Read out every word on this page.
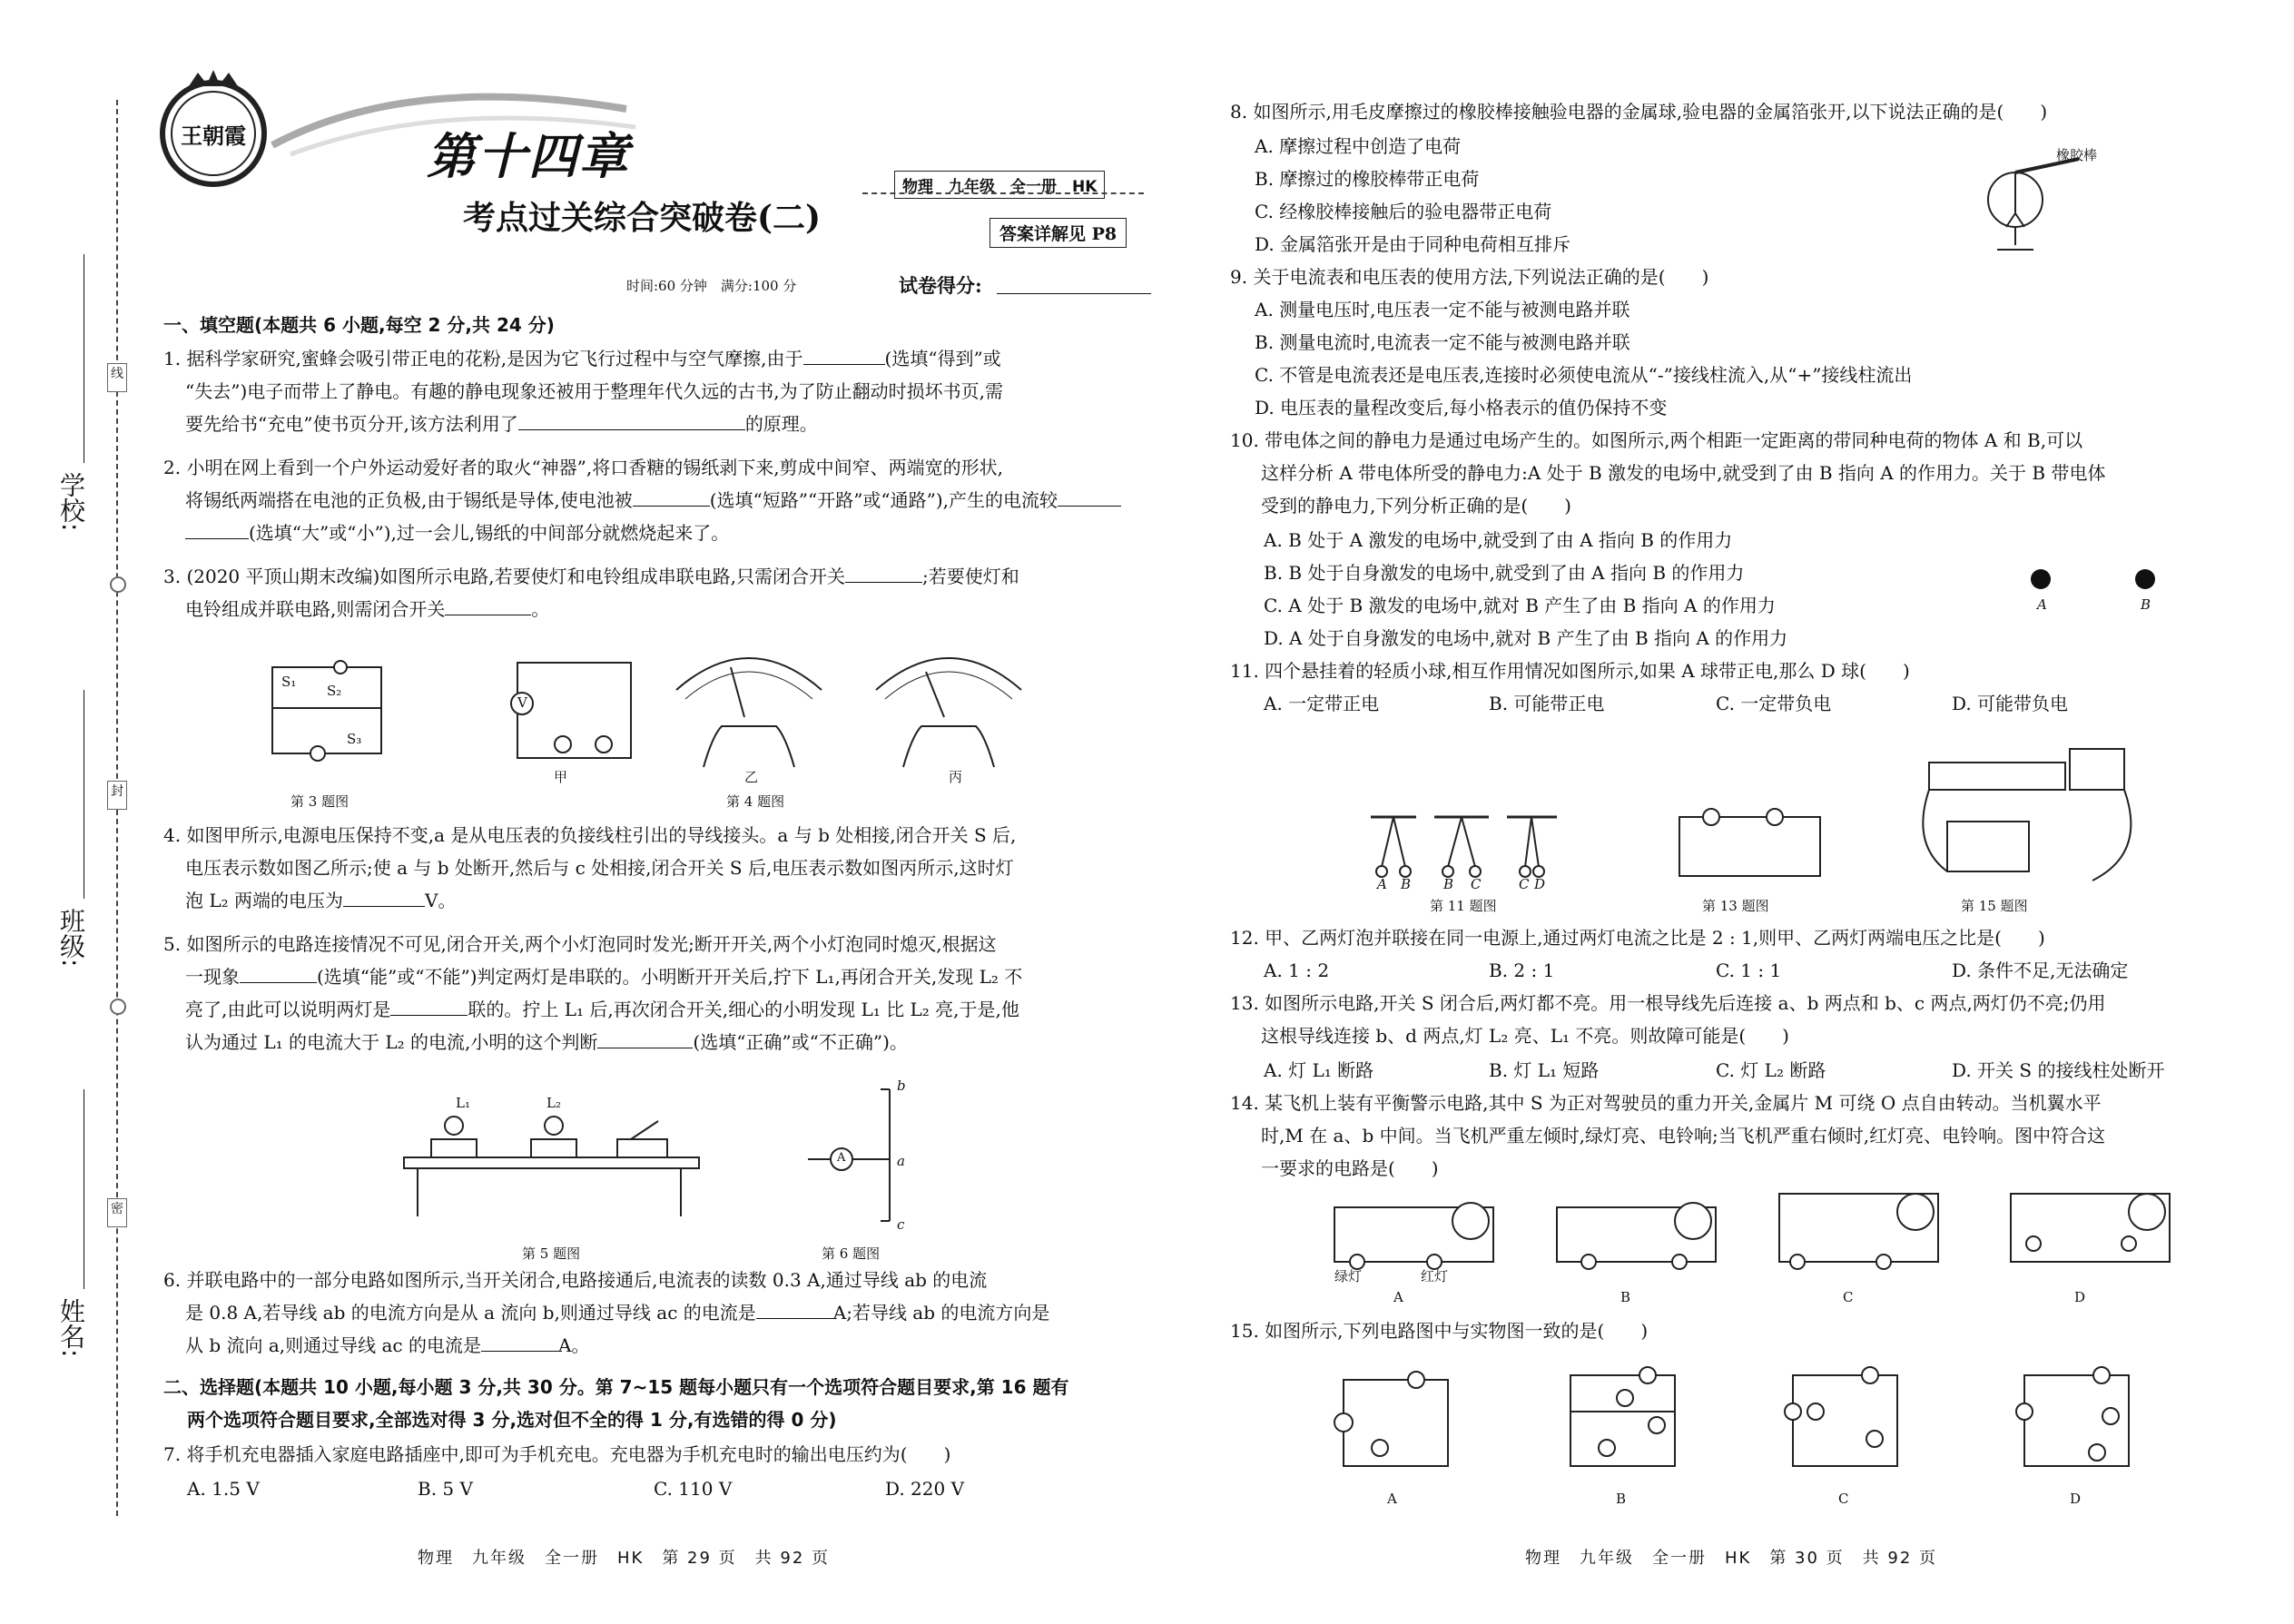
学校:
班级:
姓名:
线
封
密
王朝霞	第十四章
物理　九年级　全一册　HK
考点过关综合突破卷(二)	答案详解见 P8
时间:60 分钟　满分:100 分	试卷得分:
一、填空题(本题共 6 小题,每空 2 分,共 24 分)
1. 据科学家研究,蜜蜂会吸引带正电的花粉,是因为它飞行过程中与空气摩擦,由于	(选填“得到”或
“失去”)电子而带上了静电。有趣的静电现象还被用于整理年代久远的古书,为了防止翻动时损坏书页,需
要先给书“充电”使书页分开,该方法利用了	的原理。
2. 小明在网上看到一个户外运动爱好者的取火“神器”,将口香糖的锡纸剥下来,剪成中间窄、两端宽的形状,
将锡纸两端搭在电池的正负极,由于锡纸是导体,使电池被	(选填“短路”“开路”或“通路”),产生的电流较
(选填“大”或“小”),过一会儿,锡纸的中间部分就燃烧起来了。
3. (2020 平顶山期末改编)如图所示电路,若要使灯和电铃组成串联电路,只需闭合开关	;若要使灯和
电铃组成并联电路,则需闭合开关	。
S₁
S₂
S₃
第 3 题图
V
甲	乙	丙
第 4 题图
4. 如图甲所示,电源电压保持不变,a 是从电压表的负接线柱引出的导线接头。a 与 b 处相接,闭合开关 S 后,
电压表示数如图乙所示;使 a 与 b 处断开,然后与 c 处相接,闭合开关 S 后,电压表示数如图丙所示,这时灯
泡 L₂ 两端的电压为	V。
5. 如图所示的电路连接情况不可见,闭合开关,两个小灯泡同时发光;断开开关,两个小灯泡同时熄灭,根据这
一现象	(选填“能”或“不能”)判定两灯是串联的。小明断开开关后,拧下 L₁,再闭合开关,发现 L₂ 不
亮了,由此可以说明两灯是	联的。拧上 L₁ 后,再次闭合开关,细心的小明发现 L₁ 比 L₂ 亮,于是,他
认为通过 L₁ 的电流大于 L₂ 的电流,小明的这个判断	(选填“正确”或“不正确”)。
L₁	L₂
第 5 题图
A
b
a
c
第 6 题图
6. 并联电路中的一部分电路如图所示,当开关闭合,电路接通后,电流表的读数 0.3 A,通过导线 ab 的电流
是 0.8 A,若导线 ab 的电流方向是从 a 流向 b,则通过导线 ac 的电流是	A;若导线 ab 的电流方向是
从 b 流向 a,则通过导线 ac 的电流是	A。
二、选择题(本题共 10 小题,每小题 3 分,共 30 分。第 7~15 题每小题只有一个选项符合题目要求,第 16 题有
两个选项符合题目要求,全部选对得 3 分,选对但不全的得 1 分,有选错的得 0 分)
7. 将手机充电器插入家庭电路插座中,即可为手机充电。充电器为手机充电时的输出电压约为(　　)
A. 1.5 V	B. 5 V	C. 110 V	D. 220 V
物理　九年级　全一册　HK　第 29 页　共 92 页
8. 如图所示,用毛皮摩擦过的橡胶棒接触验电器的金属球,验电器的金属箔张开,以下说法正确的是(　　)
A. 摩擦过程中创造了电荷
B. 摩擦过的橡胶棒带正电荷
C. 经橡胶棒接触后的验电器带正电荷
D. 金属箔张开是由于同种电荷相互排斥
橡胶棒
9. 关于电流表和电压表的使用方法,下列说法正确的是(　　)
A. 测量电压时,电压表一定不能与被测电路并联
B. 测量电流时,电流表一定不能与被测电路并联
C. 不管是电流表还是电压表,连接时必须使电流从“-”接线柱流入,从“+”接线柱流出
D. 电压表的量程改变后,每小格表示的值仍保持不变
10. 带电体之间的静电力是通过电场产生的。如图所示,两个相距一定距离的带同种电荷的物体 A 和 B,可以
这样分析 A 带电体所受的静电力:A 处于 B 激发的电场中,就受到了由 B 指向 A 的作用力。关于 B 带电体
受到的静电力,下列分析正确的是(　　)
A. B 处于 A 激发的电场中,就受到了由 A 指向 B 的作用力
B. B 处于自身激发的电场中,就受到了由 A 指向 B 的作用力
C. A 处于 B 激发的电场中,就对 B 产生了由 B 指向 A 的作用力
D. A 处于自身激发的电场中,就对 B 产生了由 B 指向 A 的作用力
A	B
11. 四个悬挂着的轻质小球,相互作用情况如图所示,如果 A 球带正电,那么 D 球(　　)
A. 一定带正电	B. 可能带正电	C. 一定带负电	D. 可能带负电
A B B C	C D
第 11 题图	第 13 题图	第 15 题图
12. 甲、乙两灯泡并联接在同一电源上,通过两灯电流之比是 2 : 1,则甲、乙两灯两端电压之比是(　　)
A. 1 : 2	B. 2 : 1	C. 1 : 1	D. 条件不足,无法确定
13. 如图所示电路,开关 S 闭合后,两灯都不亮。用一根导线先后连接 a、b 两点和 b、c 两点,两灯仍不亮;仍用
这根导线连接 b、d 两点,灯 L₂ 亮、L₁ 不亮。则故障可能是(　　)
A. 灯 L₁ 断路	B. 灯 L₁ 短路	C. 灯 L₂ 断路	D. 开关 S 的接线柱处断开
14. 某飞机上装有平衡警示电路,其中 S 为正对驾驶员的重力开关,金属片 M 可绕 O 点自由转动。当机翼水平
时,M 在 a、b 中间。当飞机严重左倾时,绿灯亮、电铃响;当飞机严重右倾时,红灯亮、电铃响。图中符合这
一要求的电路是(　　)
绿灯	红灯
A	B	C	D
15. 如图所示,下列电路图中与实物图一致的是(　　)
A	B	C	D
物理　九年级　全一册　HK　第 30 页　共 92 页
